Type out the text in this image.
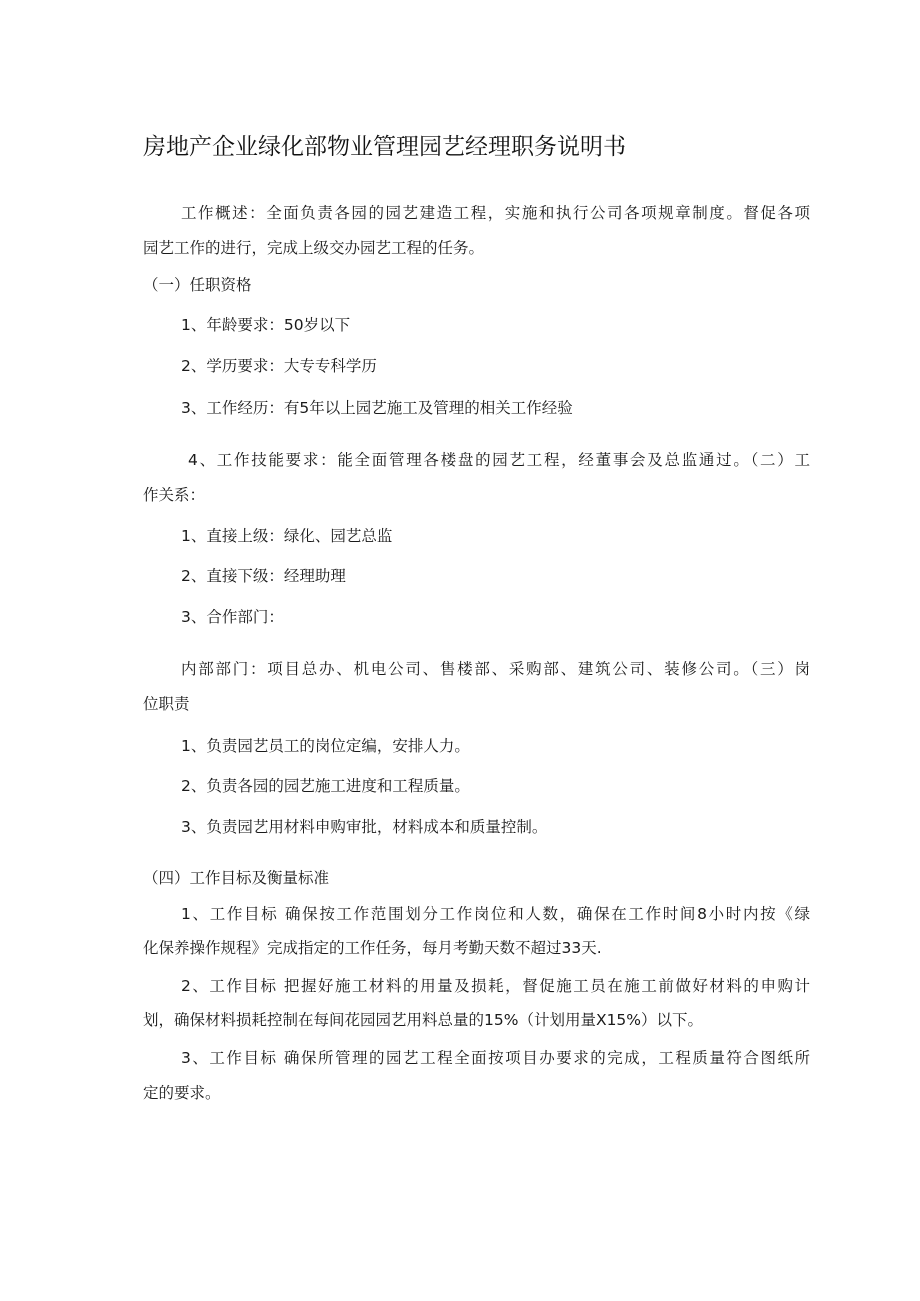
房地产企业绿化部物业管理园艺经理职务说明书
工作概述：全面负责各园的园艺建造工程，实施和执行公司各项规章制度。督促各项
园艺工作的进行，完成上级交办园艺工程的任务。
（一）任职资格
1、年龄要求：50岁以下
2、学历要求：大专专科学历
3、工作经历：有5年以上园艺施工及管理的相关工作经验
4、工作技能要求：能全面管理各楼盘的园艺工程，经董事会及总监通过。（二）工
作关系：
1、直接上级：绿化、园艺总监
2、直接下级：经理助理
3、合作部门：
内部部门：项目总办、机电公司、售楼部、采购部、建筑公司、装修公司。（三）岗
位职责
1、负责园艺员工的岗位定编，安排人力。
2、负责各园的园艺施工进度和工程质量。
3、负责园艺用材料申购审批，材料成本和质量控制。
（四）工作目标及衡量标准
1、工作目标 确保按工作范围划分工作岗位和人数，确保在工作时间8小时内按《绿
化保养操作规程》完成指定的工作任务，每月考勤天数不超过33天.
2、工作目标 把握好施工材料的用量及损耗，督促施工员在施工前做好材料的申购计
划，确保材料损耗控制在每间花园园艺用料总量的15%（计划用量X15%）以下。
3、工作目标 确保所管理的园艺工程全面按项目办要求的完成，工程质量符合图纸所
定的要求。
